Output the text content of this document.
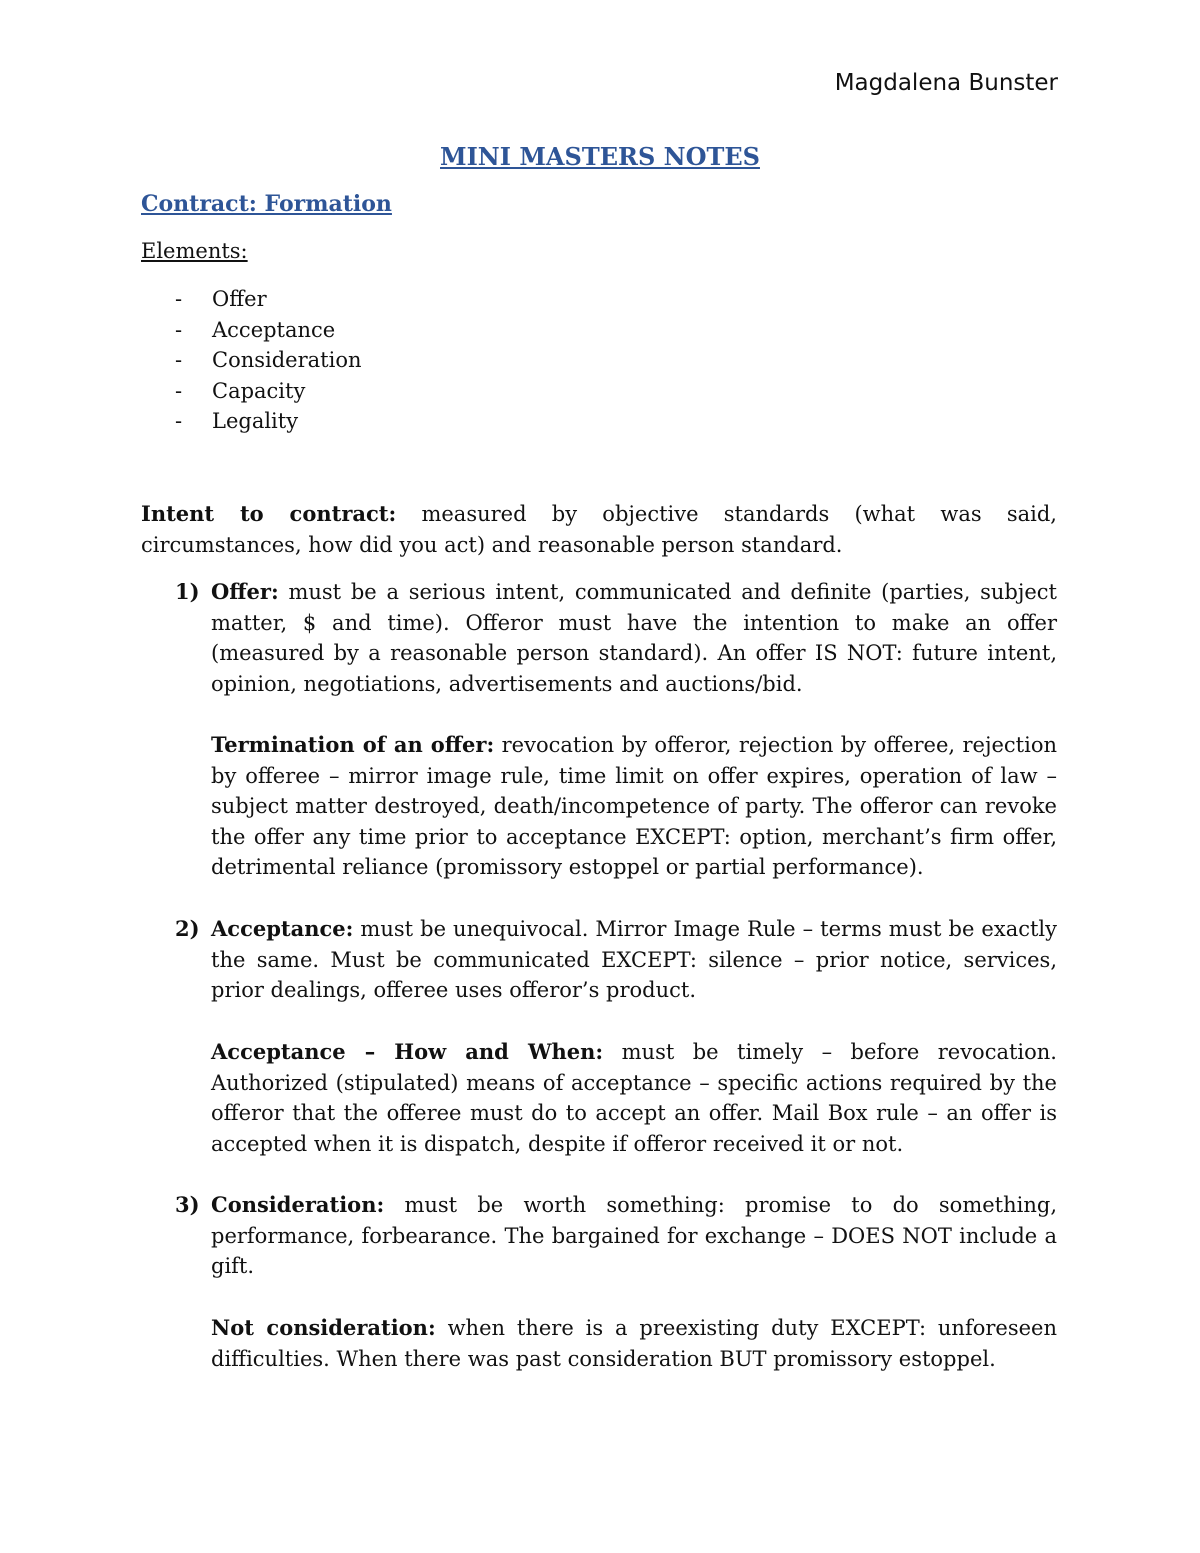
Magdalena Bunster
MINI MASTERS NOTES
Contract: Formation
Elements:
-	Offer
-	Acceptance
-	Consideration
-	Capacity
-	Legality

Intent to contract: measured by objective standards (what was said, circumstances, how did you act) and reasonable person standard.

1) Offer: must be a serious intent, communicated and definite (parties, subject matter, $ and time). Offeror must have the intention to make an offer (measured by a reasonable person standard). An offer IS NOT: future intent, opinion, negotiations, advertisements and auctions/bid.

Termination of an offer: revocation by offeror, rejection by offeree, rejection by offeree – mirror image rule, time limit on offer expires, operation of law – subject matter destroyed, death/incompetence of party. The offeror can revoke the offer any time prior to acceptance EXCEPT: option, merchant’s firm offer, detrimental reliance (promissory estoppel or partial performance).

2) Acceptance: must be unequivocal. Mirror Image Rule – terms must be exactly the same. Must be communicated EXCEPT: silence – prior notice, services, prior dealings, offeree uses offeror’s product.

Acceptance – How and When: must be timely – before revocation. Authorized (stipulated) means of acceptance – specific actions required by the offeror that the offeree must do to accept an offer. Mail Box rule – an offer is accepted when it is dispatch, despite if offeror received it or not.

3) Consideration: must be worth something: promise to do something, performance, forbearance. The bargained for exchange – DOES NOT include a gift.

Not consideration: when there is a preexisting duty EXCEPT: unforeseen difficulties. When there was past consideration BUT promissory estoppel.
